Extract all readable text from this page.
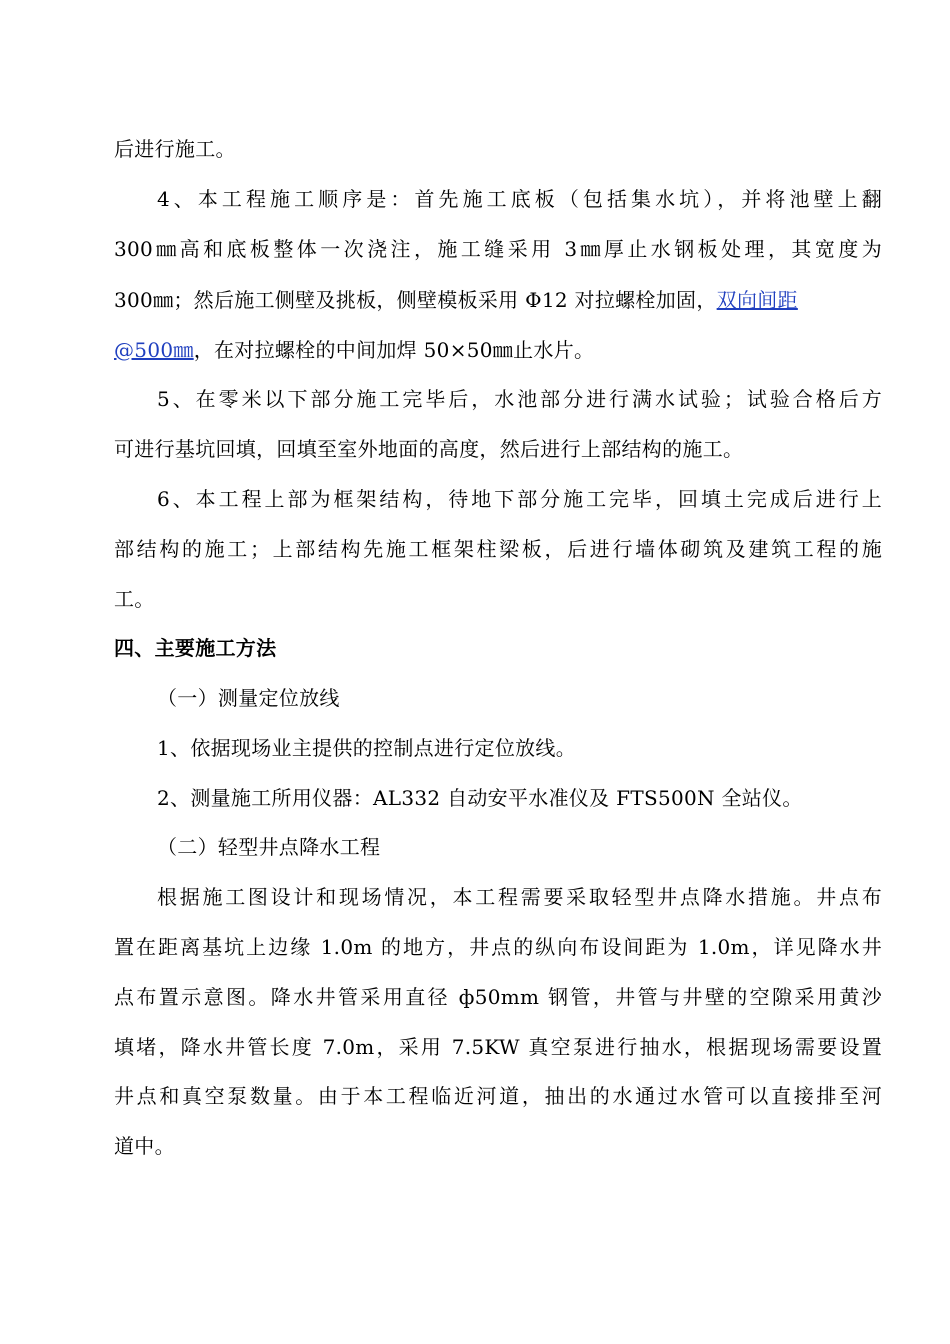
后进行施工。
4、本工程施工顺序是：首先施工底板（包括集水坑），并将池壁上翻
300㎜高和底板整体一次浇注，施工缝采用 3㎜厚止水钢板处理，其宽度为
300㎜；然后施工侧壁及挑板，侧壁模板采用 Φ12 对拉螺栓加固，双向间距
@500㎜，在对拉螺栓的中间加焊 50×50㎜止水片。
5、在零米以下部分施工完毕后，水池部分进行满水试验；试验合格后方
可进行基坑回填，回填至室外地面的高度，然后进行上部结构的施工。
6、本工程上部为框架结构，待地下部分施工完毕，回填土完成后进行上
部结构的施工；上部结构先施工框架柱梁板，后进行墙体砌筑及建筑工程的施
工。
四、主要施工方法
（一）测量定位放线
1、依据现场业主提供的控制点进行定位放线。
2、测量施工所用仪器：AL332 自动安平水准仪及 FTS500N 全站仪。
（二）轻型井点降水工程
根据施工图设计和现场情况，本工程需要采取轻型井点降水措施。井点布
置在距离基坑上边缘 1.0m 的地方，井点的纵向布设间距为 1.0m，详见降水井
点布置示意图。降水井管采用直径 ф50mm 钢管，井管与井壁的空隙采用黄沙
填堵，降水井管长度 7.0m，采用 7.5KW 真空泵进行抽水，根据现场需要设置
井点和真空泵数量。由于本工程临近河道，抽出的水通过水管可以直接排至河
道中。
